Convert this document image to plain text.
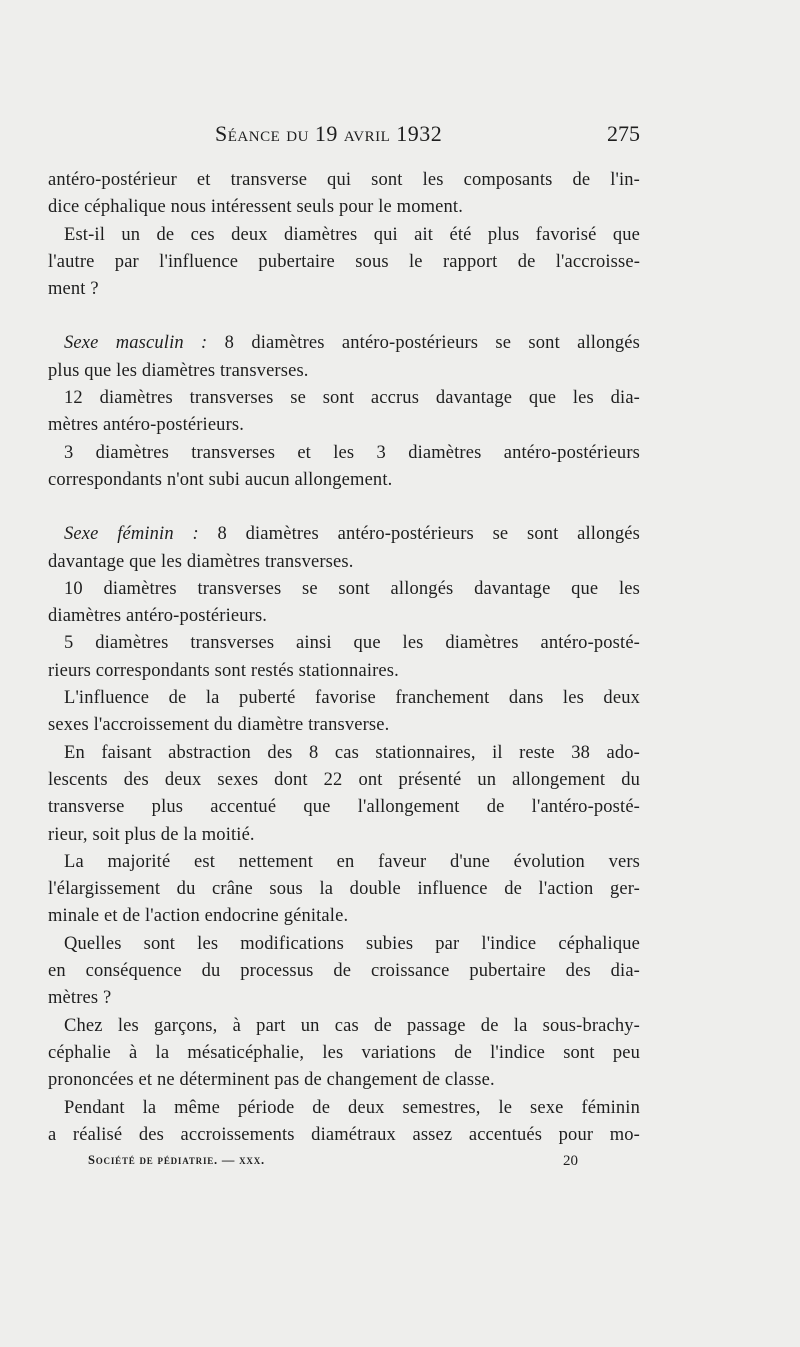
Séance du 19 avril 1932	275
antéro-postérieur et transverse qui sont les composants de l'in-
dice céphalique nous intéressent seuls pour le moment.
Est-il un de ces deux diamètres qui ait été plus favorisé que
l'autre par l'influence pubertaire sous le rapport de l'accroisse-
ment ?
Sexe masculin : 8 diamètres antéro-postérieurs se sont allongés
plus que les diamètres transverses.
12 diamètres transverses se sont accrus davantage que les dia-
mètres antéro-postérieurs.
3 diamètres transverses et les 3 diamètres antéro-postérieurs
correspondants n'ont subi aucun allongement.
Sexe féminin : 8 diamètres antéro-postérieurs se sont allongés
davantage que les diamètres transverses.
10 diamètres transverses se sont allongés davantage que les
diamètres antéro-postérieurs.
5 diamètres transverses ainsi que les diamètres antéro-posté-
rieurs correspondants sont restés stationnaires.
L'influence de la puberté favorise franchement dans les deux
sexes l'accroissement du diamètre transverse.
En faisant abstraction des 8 cas stationnaires, il reste 38 ado-
lescents des deux sexes dont 22 ont présenté un allongement du
transverse plus accentué que l'allongement de l'antéro-posté-
rieur, soit plus de la moitié.
La majorité est nettement en faveur d'une évolution vers
l'élargissement du crâne sous la double influence de l'action ger-
minale et de l'action endocrine génitale.
Quelles sont les modifications subies par l'indice céphalique
en conséquence du processus de croissance pubertaire des dia-
mètres ?
Chez les garçons, à part un cas de passage de la sous-brachy-
céphalie à la mésaticéphalie, les variations de l'indice sont peu
prononcées et ne déterminent pas de changement de classe.
Pendant la même période de deux semestres, le sexe féminin
a réalisé des accroissements diamétraux assez accentués pour mo-
Société de pédiatrie. — xxx.	20
